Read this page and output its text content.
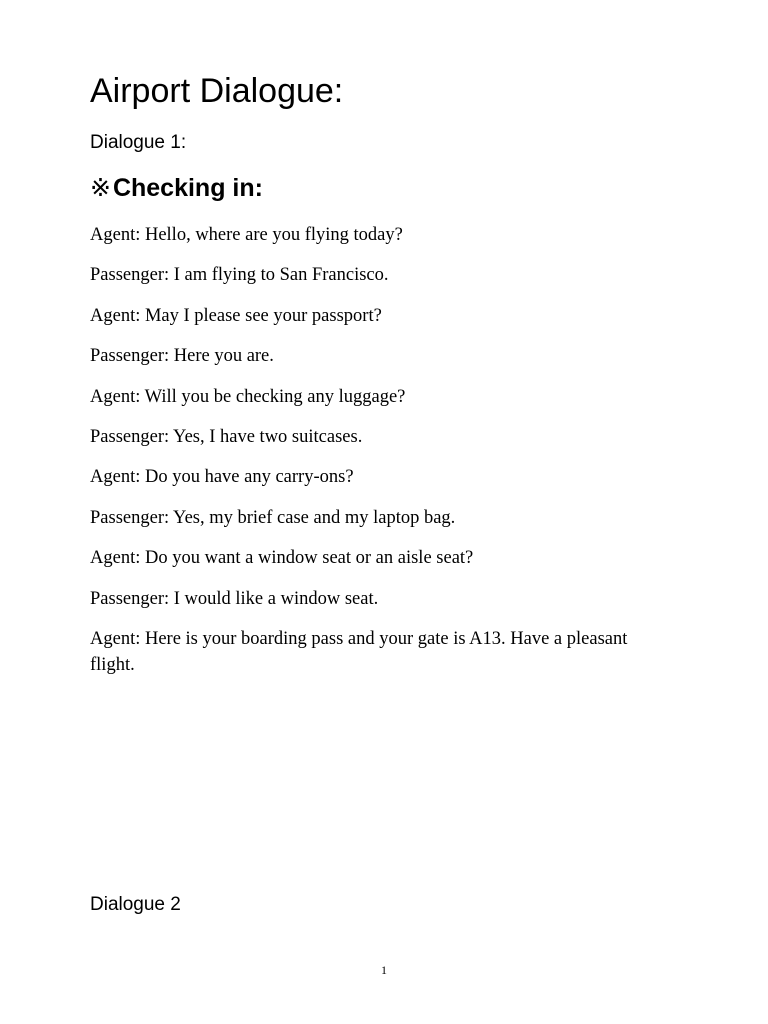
Airport Dialogue:

Dialogue 1:

※Checking in:

Agent: Hello, where are you flying today?

Passenger: I am flying to San Francisco.

Agent: May I please see your passport?

Passenger: Here you are.

Agent: Will you be checking any luggage?

Passenger: Yes, I have two suitcases.

Agent: Do you have any carry-ons?

Passenger: Yes, my brief case and my laptop bag.

Agent: Do you want a window seat or an aisle seat?

Passenger: I would like a window seat.

Agent: Here is your boarding pass and your gate is A13. Have a pleasant flight.

Dialogue 2

1
